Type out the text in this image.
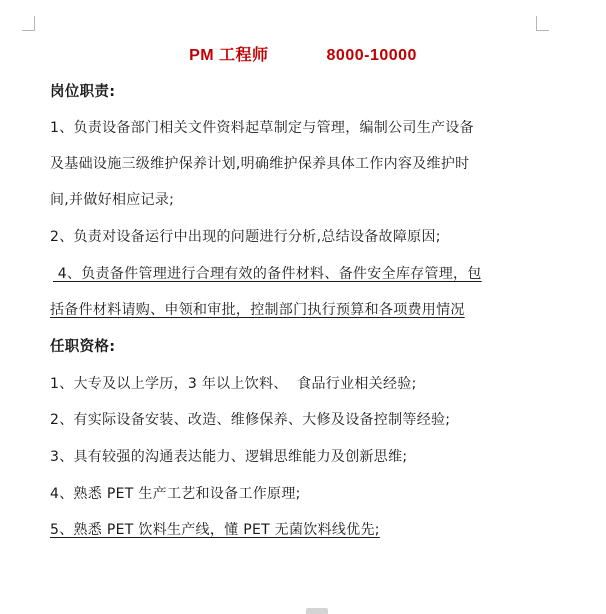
PM 工程师	8000-10000
岗位职责:
1、负责设备部门相关文件资料起草制定与管理，编制公司生产设备
及基础设施三级维护保养计划,明确维护保养具体工作内容及维护时
间,并做好相应记录;
2、负责对设备运行中出现的问题进行分析,总结设备故障原因;
4、负责备件管理进行合理有效的备件材料、备件安全库存管理，包
括备件材料请购、申领和审批，控制部门执行预算和各项费用情况
任职资格:
1、大专及以上学历，3 年以上饮料、  食品行业相关经验;
2、有实际设备安装、改造、维修保养、大修及设备控制等经验;
3、具有较强的沟通表达能力、逻辑思维能力及创新思维;
4、熟悉 PET 生产工艺和设备工作原理;
5、熟悉 PET 饮料生产线，懂 PET 无菌饮料线优先;
